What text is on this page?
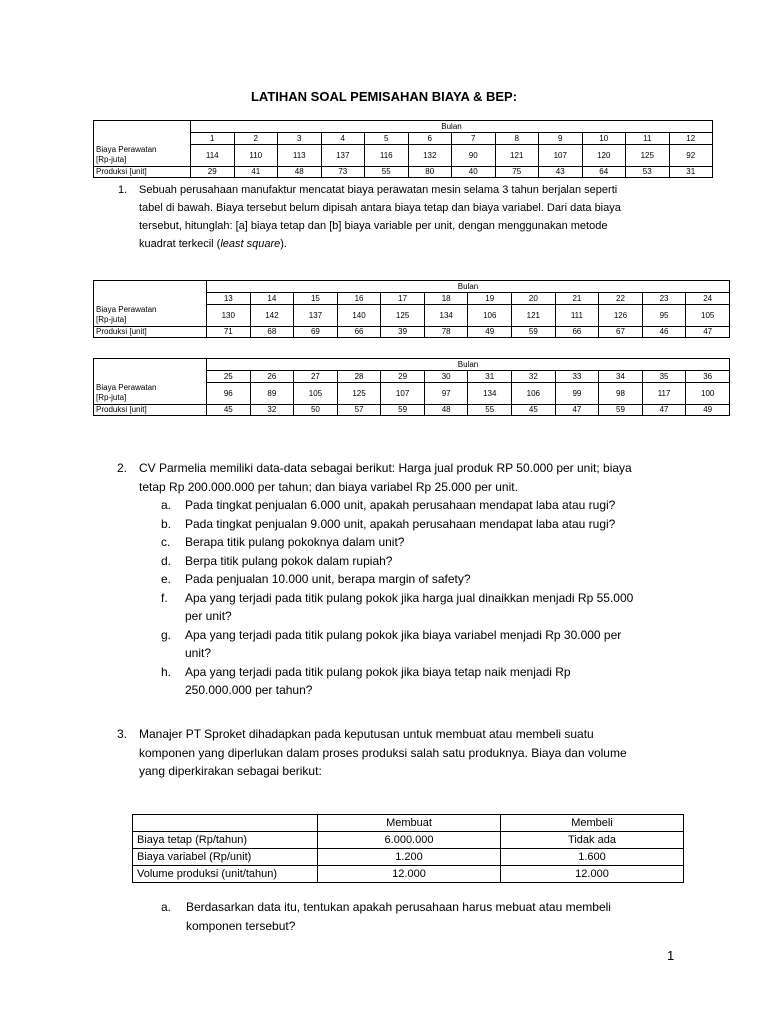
LATIHAN SOAL PEMISAHAN BIAYA & BEP:
	Bulan											
	1	2	3	4	5	6	7	8	9	10	11	12

Biaya Perawatan
[Rp-juta]	114	110	113	137	116	132	90	121	107	120	125	92
Produksi [unit]	29	41	48	73	55	80	40	75	43	64	53	31
1. Sebuah perusahaan manufaktur mencatat biaya perawatan mesin selama 3 tahun berjalan seperti
tabel di bawah. Biaya tersebut belum dipisah antara biaya tetap dan biaya variabel. Dari data biaya
tersebut, hitunglah: [a] biaya tetap dan [b] biaya variable per unit, dengan menggunakan metode
kuadrat terkecil (least square).
	Bulan											
	13	14	15	16	17	18	19	20	21	22	23	24

Biaya Perawatan
[Rp-juta]	130	142	137	140	125	134	106	121	111	126	95	105
Produksi [unit]	71	68	69	66	39	78	49	59	66	67	46	47
	Bulan											
	25	26	27	28	29	30	31	32	33	34	35	36

Biaya Perawatan
[Rp-juta]	96	89	105	125	107	97	134	106	99	98	117	100
Produksi [unit]	45	32	50	57	59	48	55	45	47	59	47	49
2. CV Parmelia memiliki data-data sebagai berikut: Harga jual produk RP 50.000 per unit; biaya
tetap Rp 200.000.000 per tahun; dan biaya variabel Rp 25.000 per unit.
a. Pada tingkat penjualan 6.000 unit, apakah perusahaan mendapat laba atau rugi?
b. Pada tingkat penjualan 9.000 unit, apakah perusahaan mendapat laba atau rugi?
c. Berapa titik pulang pokoknya dalam unit?
d. Berpa titik pulang pokok dalam rupiah?
e. Pada penjualan 10.000 unit, berapa margin of safety?
f. Apa yang terjadi pada titik pulang pokok jika harga jual dinaikkan menjadi Rp 55.000
per unit?
g. Apa yang terjadi pada titik pulang pokok jika biaya variabel menjadi Rp 30.000 per
unit?
h. Apa yang terjadi pada titik pulang pokok jika biaya tetap naik menjadi Rp
250.000.000 per tahun?
3. Manajer PT Sproket dihadapkan pada keputusan untuk membuat atau membeli suatu
komponen yang diperlukan dalam proses produksi salah satu produknya. Biaya dan volume
yang diperkirakan sebagai berikut:
	Membuat	Membeli
Biaya tetap (Rp/tahun)	6.000.000	Tidak ada
Biaya variabel (Rp/unit)	1.200	1.600
Volume produksi (unit/tahun)	12.000	12.000
a. Berdasarkan data itu, tentukan apakah perusahaan harus mebuat atau membeli
komponen tersebut?
1
